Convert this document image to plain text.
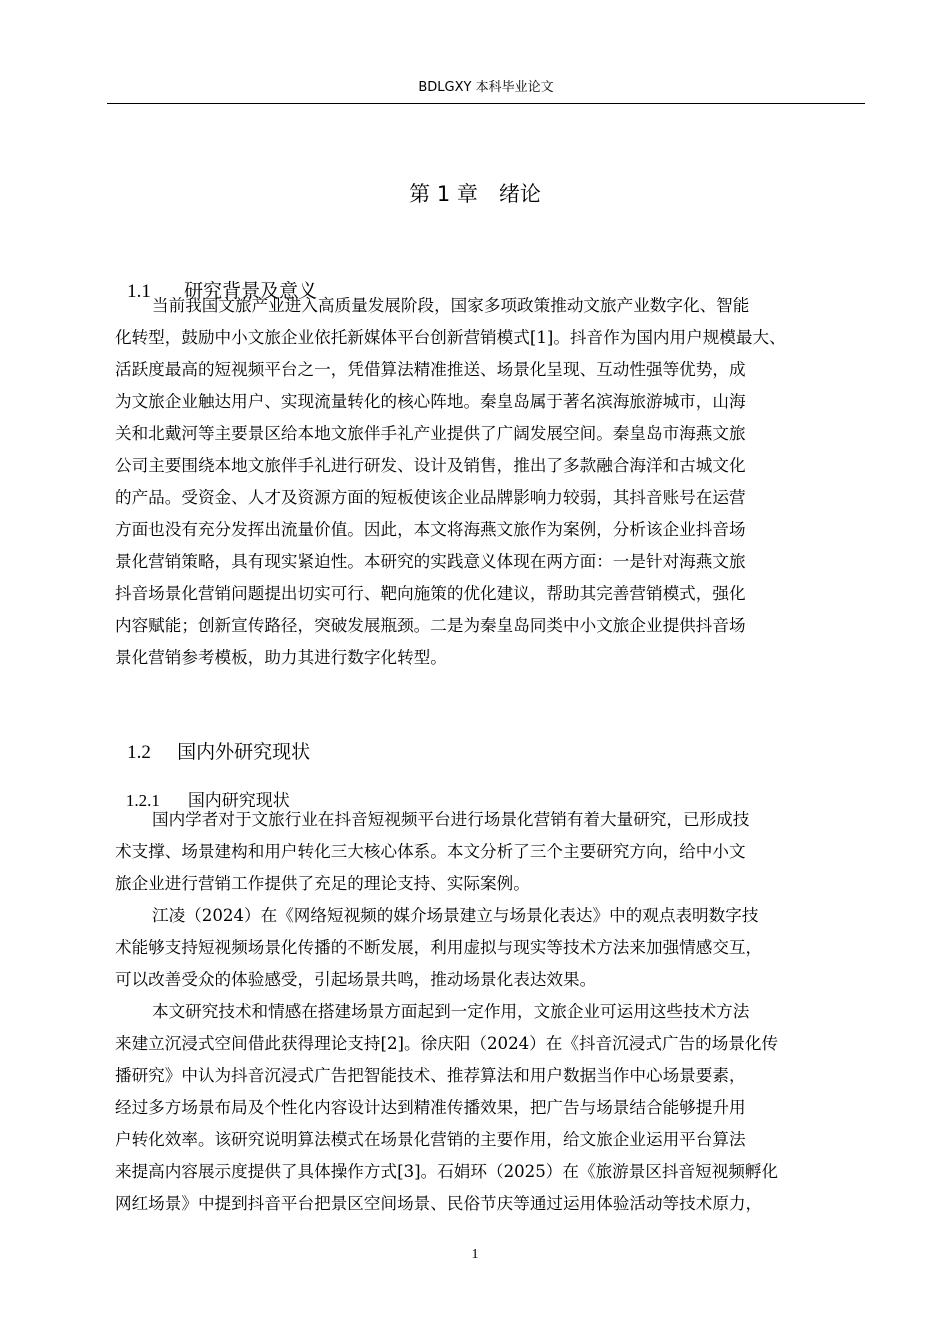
BDLGXY 本科毕业论文
第 1 章　绪论

1.1 研究背景及意义

当前我国文旅产业进入高质量发展阶段，国家多项政策推动文旅产业数字化、智能
化转型，鼓励中小文旅企业依托新媒体平台创新营销模式[1]。抖音作为国内用户规模最大、
活跃度最高的短视频平台之一，凭借算法精准推送、场景化呈现、互动性强等优势，成
为文旅企业触达用户、实现流量转化的核心阵地。秦皇岛属于著名滨海旅游城市，山海
关和北戴河等主要景区给本地文旅伴手礼产业提供了广阔发展空间。秦皇岛市海燕文旅
公司主要围绕本地文旅伴手礼进行研发、设计及销售，推出了多款融合海洋和古城文化
的产品。受资金、人才及资源方面的短板使该企业品牌影响力较弱，其抖音账号在运营
方面也没有充分发挥出流量价值。因此，本文将海燕文旅作为案例，分析该企业抖音场
景化营销策略，具有现实紧迫性。本研究的实践意义体现在两方面：一是针对海燕文旅
抖音场景化营销问题提出切实可行、靶向施策的优化建议，帮助其完善营销模式，强化
内容赋能；创新宣传路径，突破发展瓶颈。二是为秦皇岛同类中小文旅企业提供抖音场
景化营销参考模板，助力其进行数字化转型。

1.2 国内外研究现状

1.2.1 国内研究现状

国内学者对于文旅行业在抖音短视频平台进行场景化营销有着大量研究，已形成技
术支撑、场景建构和用户转化三大核心体系。本文分析了三个主要研究方向，给中小文
旅企业进行营销工作提供了充足的理论支持、实际案例。
江凌（2024）在《网络短视频的媒介场景建立与场景化表达》中的观点表明数字技
术能够支持短视频场景化传播的不断发展，利用虚拟与现实等技术方法来加强情感交互，
可以改善受众的体验感受，引起场景共鸣，推动场景化表达效果。
本文研究技术和情感在搭建场景方面起到一定作用，文旅企业可运用这些技术方法
来建立沉浸式空间借此获得理论支持[2]。徐庆阳（2024）在《抖音沉浸式广告的场景化传
播研究》中认为抖音沉浸式广告把智能技术、推荐算法和用户数据当作中心场景要素，
经过多方场景布局及个性化内容设计达到精准传播效果，把广告与场景结合能够提升用
户转化效率。该研究说明算法模式在场景化营销的主要作用，给文旅企业运用平台算法
来提高内容展示度提供了具体操作方式[3]。石娟环（2025）在《旅游景区抖音短视频孵化
网红场景》中提到抖音平台把景区空间场景、民俗节庆等通过运用体验活动等技术原力，
1
